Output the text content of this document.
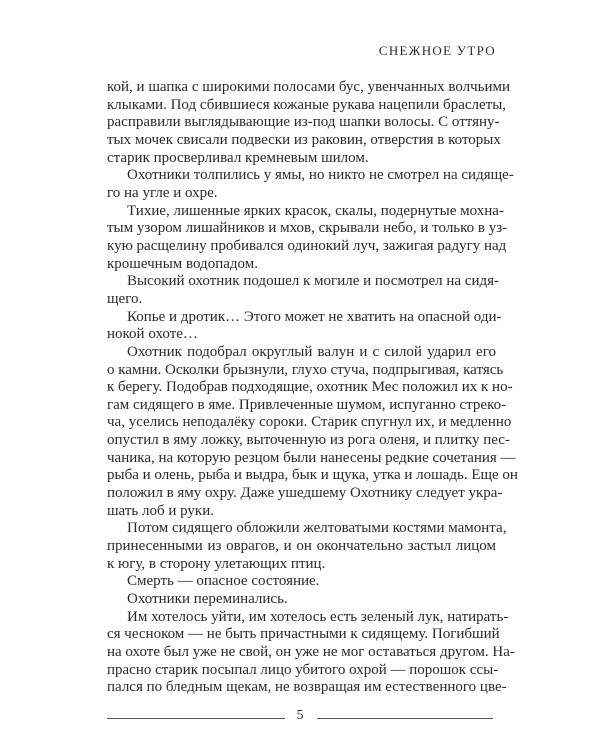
СНЕЖНОЕ УТРО
кой, и шапка с широкими полосами бус, увенчанных волчьими
клыками. Под сбившиеся кожаные рукава нацепили браслеты,
расправили выглядывающие из-под шапки волосы. С оттяну-
тых мочек свисали подвески из раковин, отверстия в которых
старик просверливал кремневым шилом.
Охотники толпились у ямы, но никто не смотрел на сидяще-
го на угле и охре.
Тихие, лишенные ярких красок, скалы, подернутые мохна-
тым узором лишайников и мхов, скрывали небо, и только в уз-
кую расщелину пробивался одинокий луч, зажигая радугу над
крошечным водопадом.
Высокий охотник подошел к могиле и посмотрел на сидя-
щего.
Копье и дротик… Этого может не хватить на опасной оди-
нокой охоте…
Охотник подобрал округлый валун и с силой ударил его
о камни. Осколки брызнули, глухо стуча, подпрыгивая, катясь
к берегу. Подобрав подходящие, охотник Мес положил их к но-
гам сидящего в яме. Привлеченные шумом, испуганно стреко-
ча, уселись неподалёку сороки. Старик спугнул их, и медленно
опустил в яму ложку, выточенную из рога оленя, и плитку пес-
чаника, на которую резцом были нанесены редкие сочетания —
рыба и олень, рыба и выдра, бык и щука, утка и лошадь. Еще он
положил в яму охру. Даже ушедшему Охотнику следует укра-
шать лоб и руки.
Потом сидящего обложили желтоватыми костями мамонта,
принесенными из оврагов, и он окончательно застыл лицом
к югу, в сторону улетающих птиц.
Смерть — опасное состояние.
Охотники переминались.
Им хотелось уйти, им хотелось есть зеленый лук, натирать-
ся чесноком — не быть причастными к сидящему. Погибший
на охоте был уже не свой, он уже не мог оставаться другом. На-
прасно старик посыпал лицо убитого охрой — порошок ссы-
пался по бледным щекам, не возвращая им естественного цве-
5
